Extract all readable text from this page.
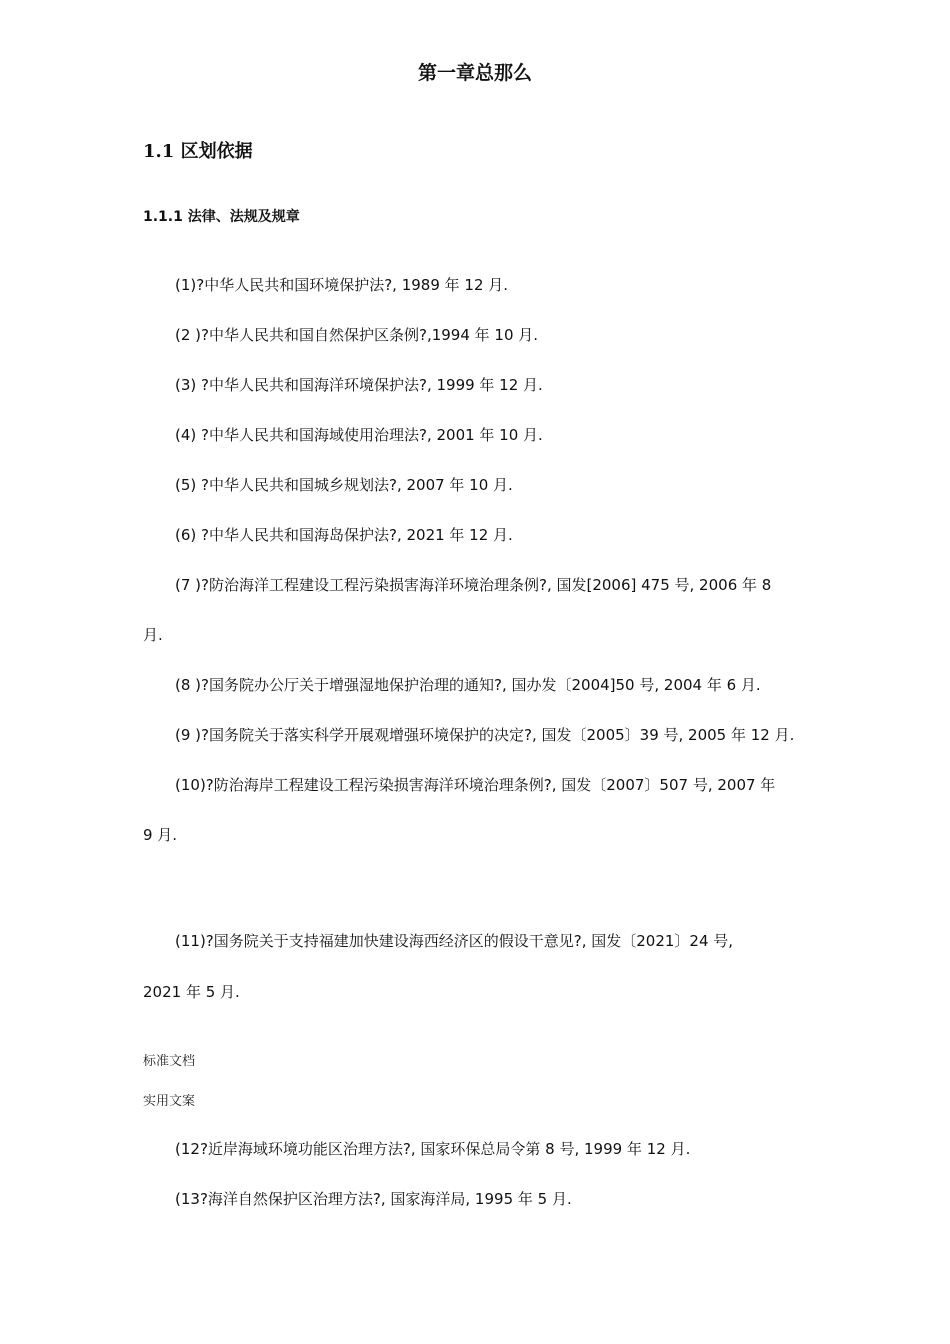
第一章总那么
1.1 区划依据
1.1.1 法律、法规及规章

(1)?中华人民共和国环境保护法?, 1989 年 12 月.

(2 )?中华人民共和国自然保护区条例?,1994 年 10 月.

(3) ?中华人民共和国海洋环境保护法?, 1999 年 12 月.

(4) ?中华人民共和国海域使用治理法?, 2001 年 10 月.

(5) ?中华人民共和国城乡规划法?, 2007 年 10 月.

(6) ?中华人民共和国海岛保护法?, 2021 年 12 月.

(7 )?防治海洋工程建设工程污染损害海洋环境治理条例?, 国发[2006] 475 号, 2006 年 8

月.

(8 )?国务院办公厅关于增强湿地保护治理的通知?, 国办发〔2004]50 号, 2004 年 6 月.

(9 )?国务院关于落实科学开展观增强环境保护的决定?, 国发〔2005〕39 号, 2005 年 12 月.

(10)?防治海岸工程建设工程污染损害海洋环境治理条例?, 国发〔2007〕507 号, 2007 年

9 月.

(11)?国务院关于支持福建加快建设海西经济区的假设干意见?, 国发〔2021〕24 号,

2021 年 5 月.

标准文档

实用文案

(12?近岸海域环境功能区治理方法?, 国家环保总局令第 8 号, 1999 年 12 月.

(13?海洋自然保护区治理方法?, 国家海洋局, 1995 年 5 月.
